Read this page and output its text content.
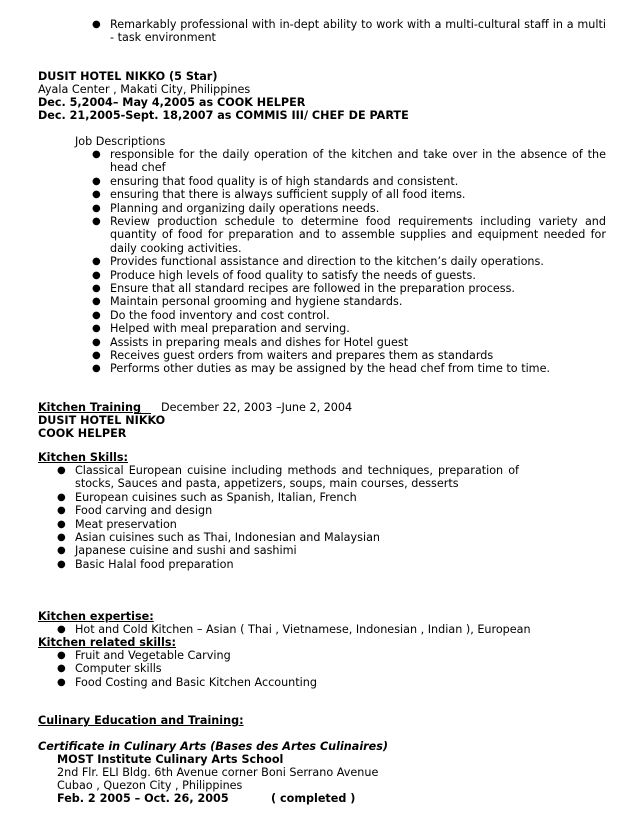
● Remarkably professional with in-dept ability to work with a multi-cultural staff in a multi - task environment
DUSIT HOTEL NIKKO (5 Star)
Ayala Center , Makati City, Philippines
Dec. 5,2004– May 4,2005 as COOK HELPER
Dec. 21,2005-Sept. 18,2007 as COMMIS III/ CHEF DE PARTE
Job Descriptions
● responsible for the daily operation of the kitchen and take over in the absence of the head chef
● ensuring that food quality is of high standards and consistent.
● ensuring that there is always sufficient supply of all food items.
● Planning and organizing daily operations needs.
● Review production schedule to determine food requirements including variety and quantity of food for preparation and to assemble supplies and equipment needed for daily cooking activities.
● Provides functional assistance and direction to the kitchen’s daily operations.
● Produce high levels of food quality to satisfy the needs of guests.
● Ensure that all standard recipes are followed in the preparation process.
● Maintain personal grooming and hygiene standards.
● Do the food inventory and cost control.
● Helped with meal preparation and serving.
● Assists in preparing meals and dishes for Hotel guest
● Receives guest orders from waiters and prepares them as standards
● Performs other duties as may be assigned by the head chef from time to time.
Kitchen Training December 22, 2003 –June 2, 2004
DUSIT HOTEL NIKKO
COOK HELPER
Kitchen Skills:
● Classical European cuisine including methods and techniques, preparation of stocks, Sauces and pasta, appetizers, soups, main courses, desserts
● European cuisines such as Spanish, Italian, French
● Food carving and design
● Meat preservation
● Asian cuisines such as Thai, Indonesian and Malaysian
● Japanese cuisine and sushi and sashimi
● Basic Halal food preparation
Kitchen expertise:
● Hot and Cold Kitchen – Asian ( Thai , Vietnamese, Indonesian , Indian ), European
Kitchen related skills:
● Fruit and Vegetable Carving
● Computer skills
● Food Costing and Basic Kitchen Accounting
Culinary Education and Training:
Certificate in Culinary Arts (Bases des Artes Culinaires)
MOST Institute Culinary Arts School
2nd Flr. ELI Bldg. 6th Avenue corner Boni Serrano Avenue
Cubao , Quezon City , Philippines
Feb. 2 2005 – Oct. 26, 2005	( completed )
